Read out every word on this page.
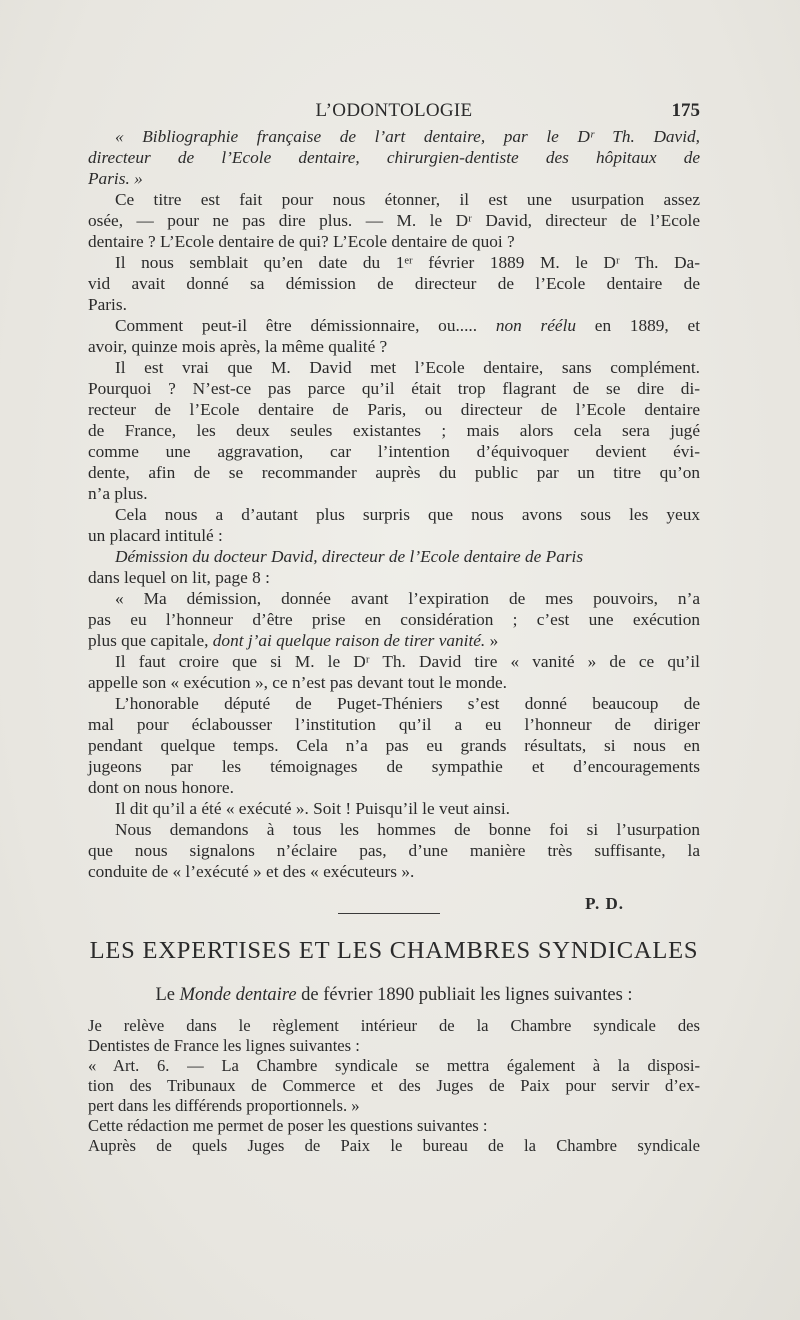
L’ODONTOLOGIE	175
« Bibliographie française de l’art dentaire, par le Dʳ Th. David,
directeur de l’Ecole dentaire, chirurgien-dentiste des hôpitaux de
Paris. »
Ce titre est fait pour nous étonner, il est une usurpation assez
osée, — pour ne pas dire plus. — M. le Dʳ David, directeur de l’Ecole
dentaire ? L’Ecole dentaire de qui? L’Ecole dentaire de quoi ?
Il nous semblait qu’en date du 1ᵉʳ février 1889 M. le Dʳ Th. Da-
vid avait donné sa démission de directeur de l’Ecole dentaire de
Paris.
Comment peut-il être démissionnaire, ou..... non réélu en 1889, et
avoir, quinze mois après, la même qualité ?
Il est vrai que M. David met l’Ecole dentaire, sans complément.
Pourquoi ? N’est-ce pas parce qu’il était trop flagrant de se dire di-
recteur de l’Ecole dentaire de Paris, ou directeur de l’Ecole dentaire
de France, les deux seules existantes ; mais alors cela sera jugé
comme une aggravation, car l’intention d’équivoquer devient évi-
dente, afin de se recommander auprès du public par un titre qu’on
n’a plus.
Cela nous a d’autant plus surpris que nous avons sous les yeux
un placard intitulé :
Démission du docteur David, directeur de l’Ecole dentaire de Paris
dans lequel on lit, page 8 :
« Ma démission, donnée avant l’expiration de mes pouvoirs, n’a
pas eu l’honneur d’être prise en considération ; c’est une exécution
plus que capitale, dont j’ai quelque raison de tirer vanité. »
Il faut croire que si M. le Dʳ Th. David tire « vanité » de ce qu’il
appelle son « exécution », ce n’est pas devant tout le monde.
L’honorable député de Puget-Théniers s’est donné beaucoup de
mal pour éclabousser l’institution qu’il a eu l’honneur de diriger
pendant quelque temps. Cela n’a pas eu grands résultats, si nous en
jugeons par les témoignages de sympathie et d’encouragements
dont on nous honore.
Il dit qu’il a été « exécuté ». Soit ! Puisqu’il le veut ainsi.
Nous demandons à tous les hommes de bonne foi si l’usurpation
que nous signalons n’éclaire pas, d’une manière très suffisante, la
conduite de « l’exécuté » et des « exécuteurs ».
P. D.
LES EXPERTISES ET LES CHAMBRES SYNDICALES
Le Monde dentaire de février 1890 publiait les lignes suivantes :
Je relève dans le règlement intérieur de la Chambre syndicale des
Dentistes de France les lignes suivantes :
« Art. 6. — La Chambre syndicale se mettra également à la disposi-
tion des Tribunaux de Commerce et des Juges de Paix pour servir d’ex-
pert dans les différends proportionnels. »
Cette rédaction me permet de poser les questions suivantes :
Auprès de quels Juges de Paix le bureau de la Chambre syndicale
